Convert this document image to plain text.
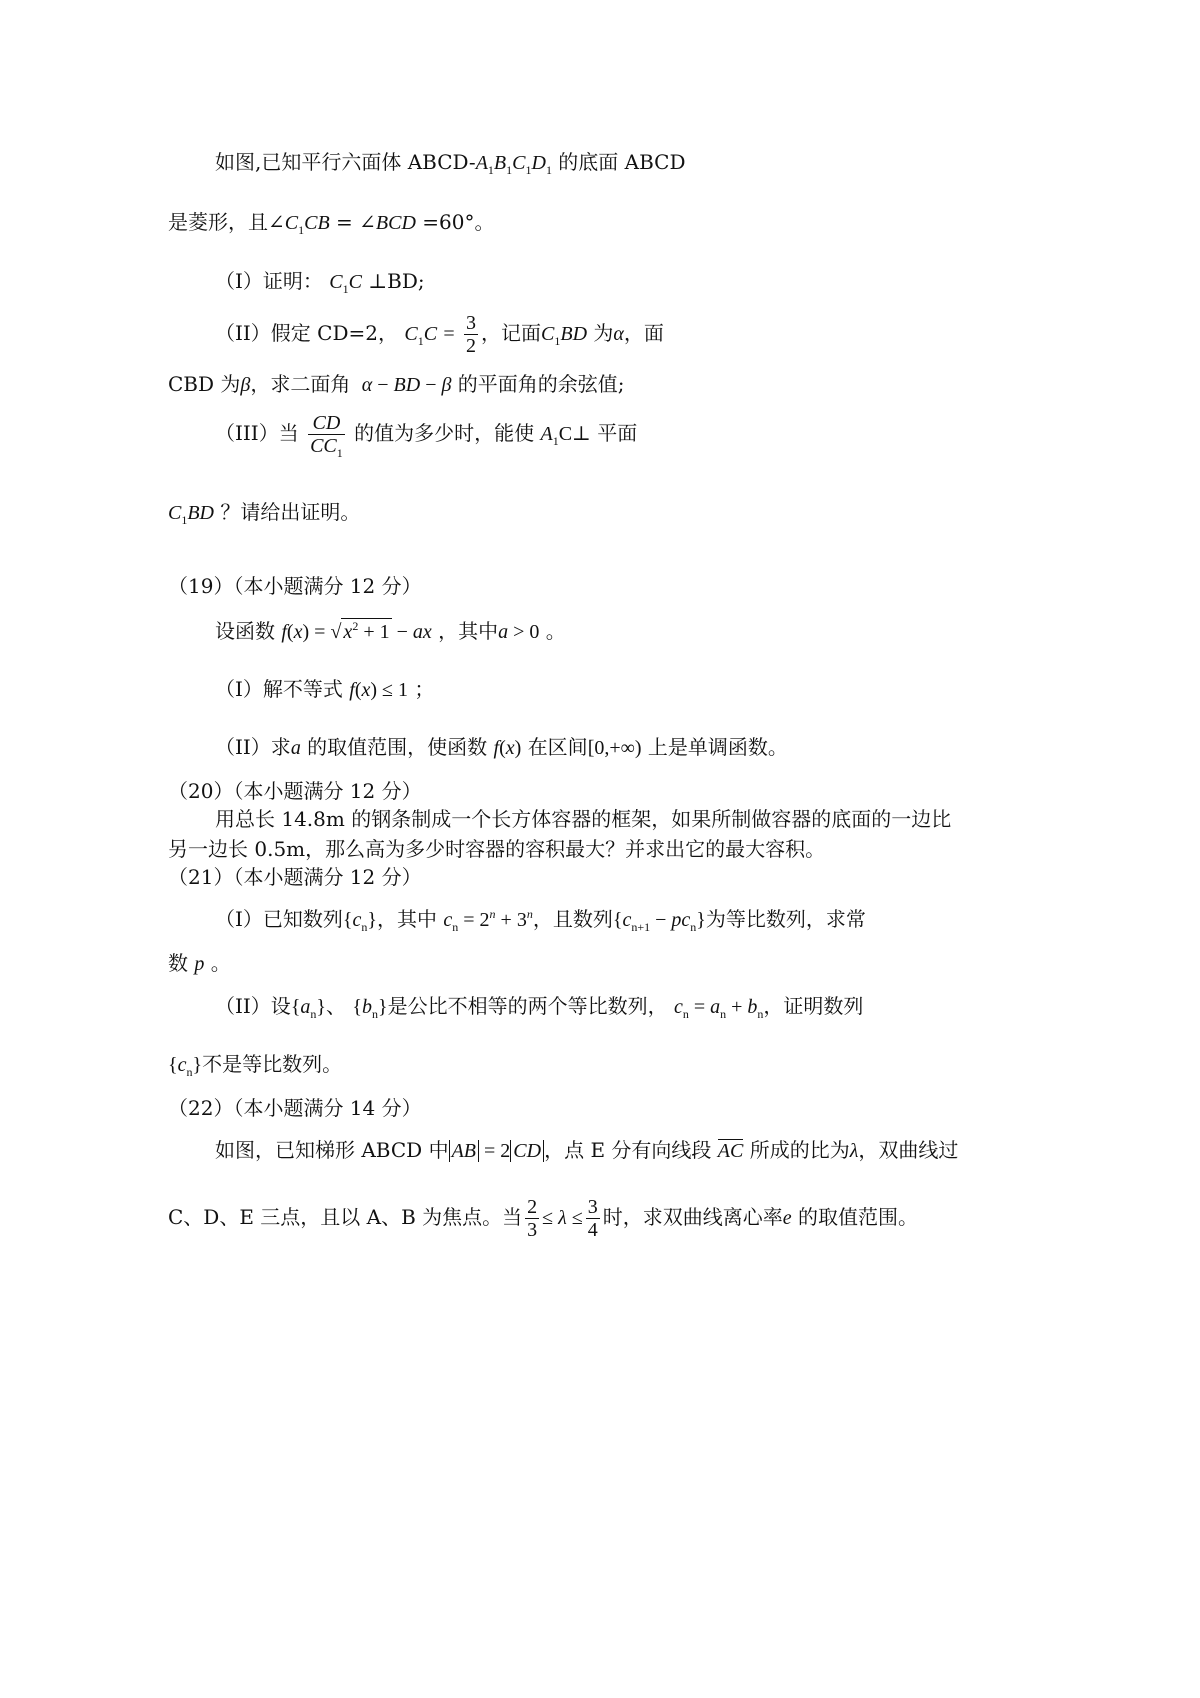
如图,已知平行六面体 ABCD-$A_1B_1C_1D_1$ 的底面 ABCD
是菱形，且$\angle C_1CB$ = ∠BCD =60°。
（I）证明： $C_1C$ ⊥BD;
（II）假定 CD=2， $C_1C = \frac{3}{2}$ ，记面$C_1BD$ 为α，面
CBD 为β，求二面角  α − BD − β 的平面角的余弦值;
（III）当 $\frac{CD}{CC_1}$ 的值为多少时，能使 $A_1C\perp$ 平面
$C_1BD$ ？请给出证明。
（19）（本小题满分 12 分）
设函数 f(x) = √ $x^2 + 1$ − ax ，其中a > 0 。
（I）解不等式 f(x) ≤ 1 ；
（II）求a 的取值范围，使函数 f(x) 在区间[0,+∞) 上是单调函数。
（20）（本小题满分 12 分）
用总长 14.8m 的钢条制成一个长方体容器的框架，如果所制做容器的底面的一边比
另一边长 0.5m，那么高为多少时容器的容积最大？并求出它的最大容积。
（21）（本小题满分 12 分）
（I）已知数列$\{c_n\}$，其中 $c_n = 2^n + 3^n$，且数列$\{c_{n+1} - pc_n\}$为等比数列，求常
数 p 。
（II）设$\{a_n\}$、 $\{b_n\}$是公比不相等的两个等比数列， $c_n = a_n + b_n$，证明数列
$\{c_n\}$不是等比数列。
（22）（本小题满分 14 分）
如图，已知梯形 ABCD 中 AB = 2 CD ，点 E 分有向线段 AC 所成的比为λ，双曲线过
C、D、E 三点，且以 A、B 为焦点。当 $\frac{2}{3} \le \lambda \le \frac{3}{4}$ 时，求双曲线离心率e 的取值范围。
